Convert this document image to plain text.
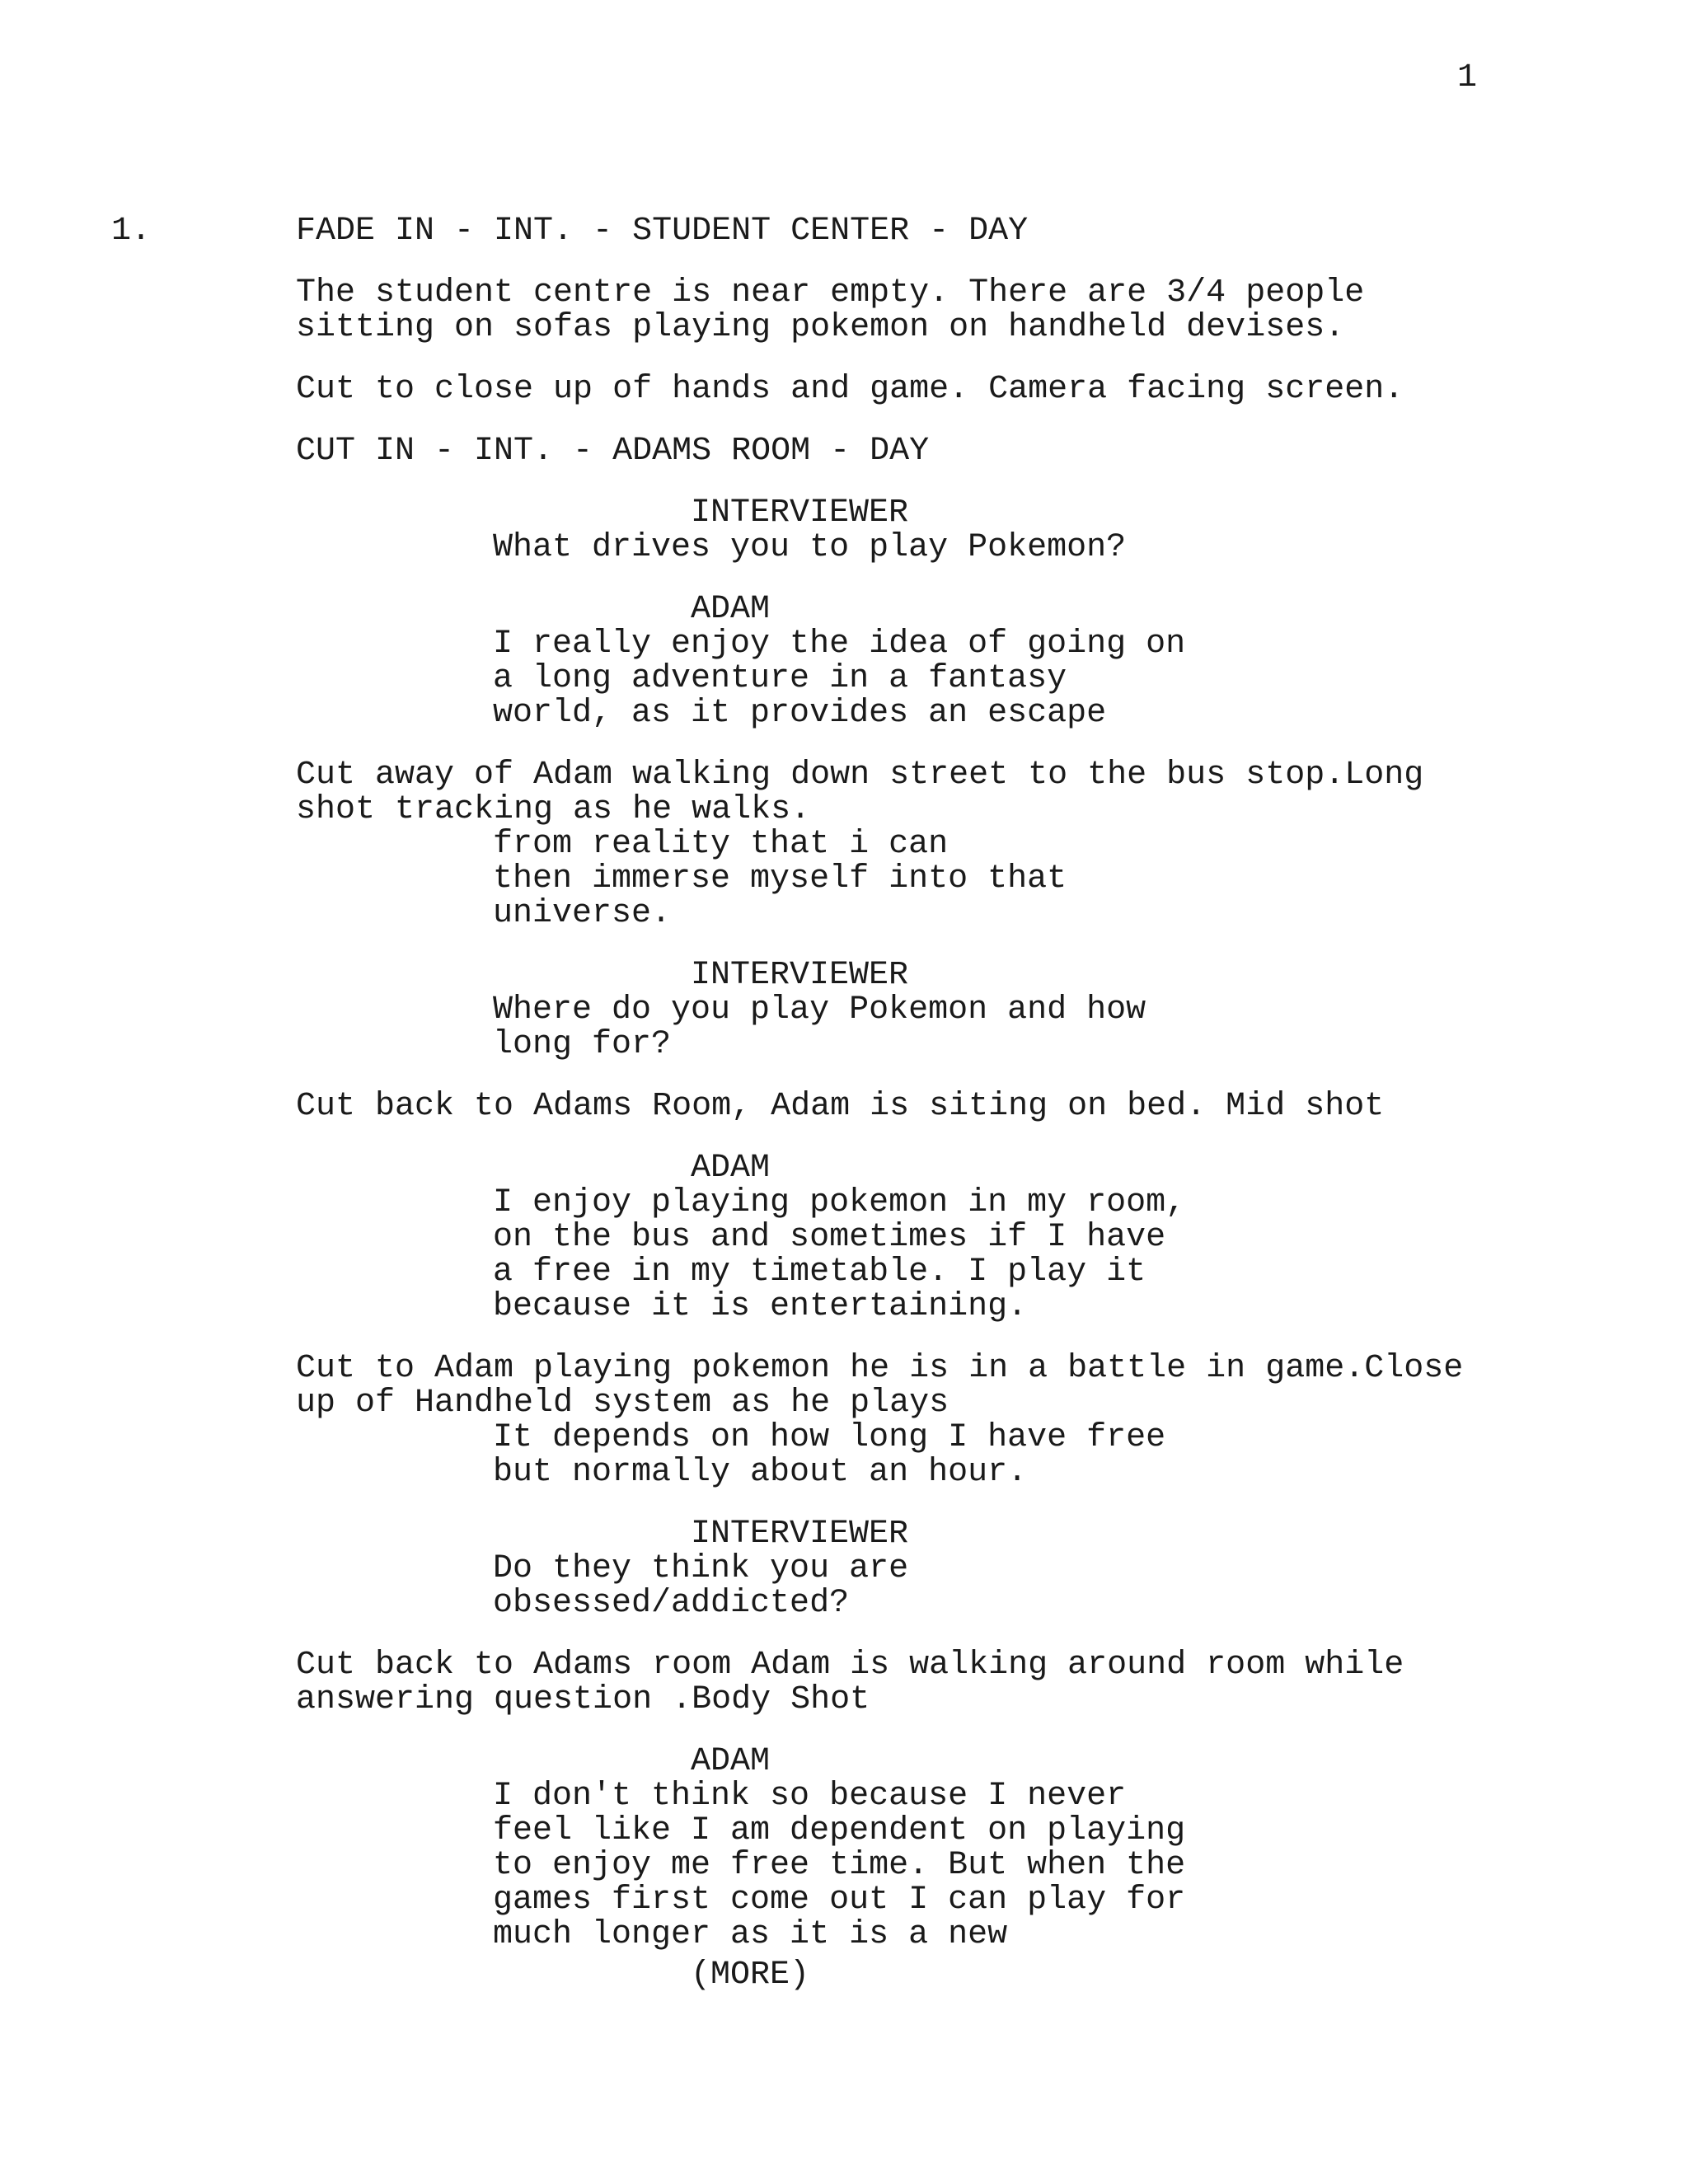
1
1.	FADE IN - INT. - STUDENT CENTER - DAY
The student centre is near empty. There are 3/4 people
sitting on sofas playing pokemon on handheld devises.
Cut to close up of hands and game. Camera facing screen.
CUT IN - INT. - ADAMS ROOM - DAY
INTERVIEWER
What drives you to play Pokemon?
ADAM
I really enjoy the idea of going on
a long adventure in a fantasy
world, as it provides an escape
Cut away of Adam walking down street to the bus stop.Long
shot tracking as he walks.
from reality that i can
then immerse myself into that
universe.
INTERVIEWER
Where do you play Pokemon and how
long for?
Cut back to Adams Room, Adam is siting on bed. Mid shot
ADAM
I enjoy playing pokemon in my room,
on the bus and sometimes if I have
a free in my timetable. I play it
because it is entertaining.
Cut to Adam playing pokemon he is in a battle in game.Close
up of Handheld system as he plays
It depends on how long I have free
but normally about an hour.
INTERVIEWER
Do they think you are
obsessed/addicted?
Cut back to Adams room Adam is walking around room while
answering question .Body Shot
ADAM
I don't think so because I never
feel like I am dependent on playing
to enjoy me free time. But when the
games first come out I can play for
much longer as it is a new
(MORE)
